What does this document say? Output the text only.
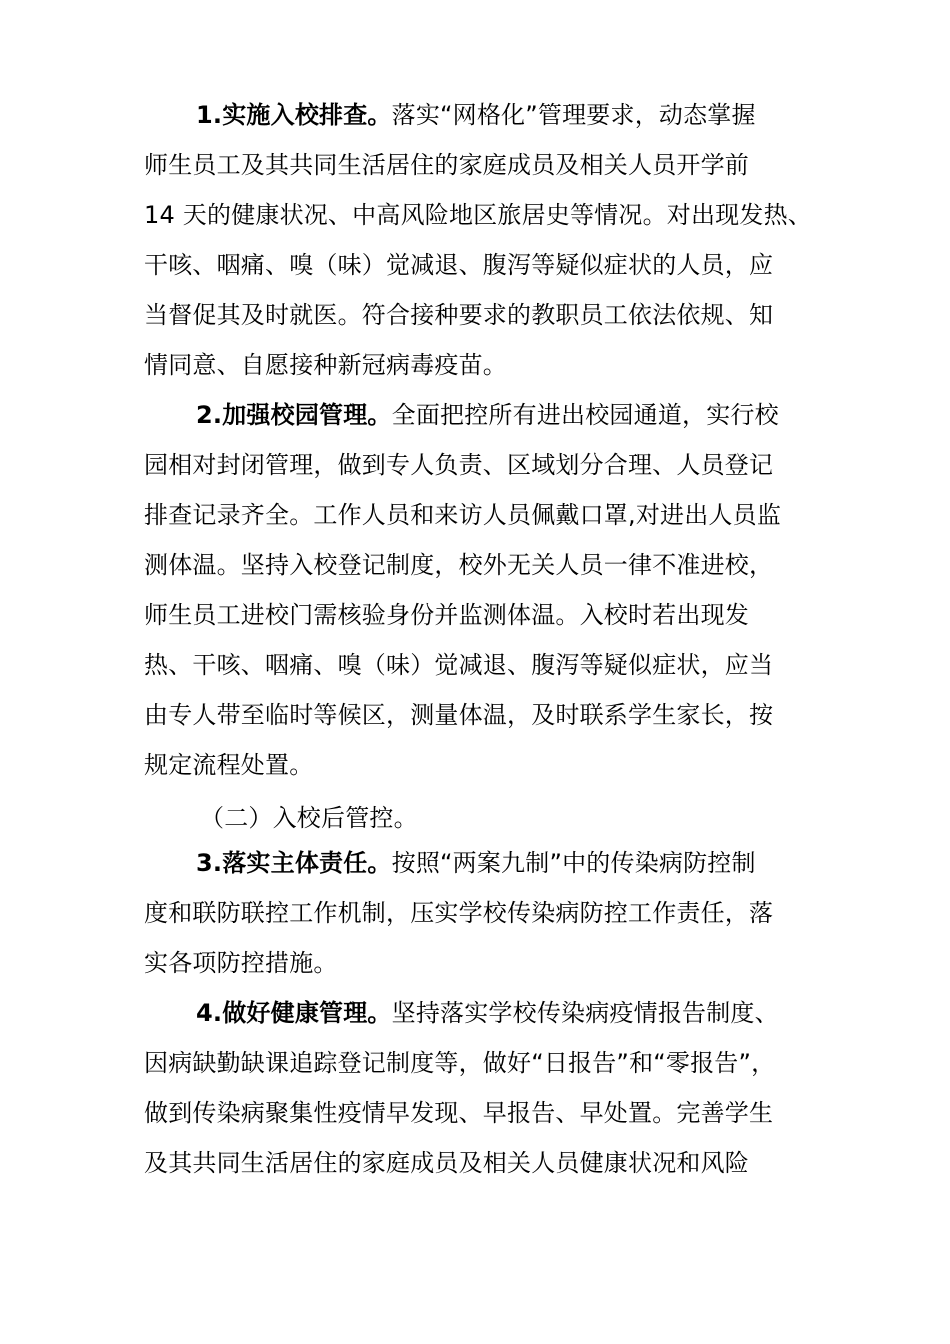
1.实施入校排查。落实“网格化”管理要求，动态掌握
师生员工及其共同生活居住的家庭成员及相关人员开学前
14 天的健康状况、中高风险地区旅居史等情况。对出现发热、
干咳、咽痛、嗅（味）觉减退、腹泻等疑似症状的人员，应
当督促其及时就医。符合接种要求的教职员工依法依规、知
情同意、自愿接种新冠病毒疫苗。
2.加强校园管理。全面把控所有进出校园通道，实行校
园相对封闭管理，做到专人负责、区域划分合理、人员登记
排查记录齐全。工作人员和来访人员佩戴口罩,对进出人员监
测体温。坚持入校登记制度，校外无关人员一律不准进校，
师生员工进校门需核验身份并监测体温。入校时若出现发
热、干咳、咽痛、嗅（味）觉减退、腹泻等疑似症状，应当
由专人带至临时等候区，测量体温，及时联系学生家长，按
规定流程处置。
（二）入校后管控。
3.落实主体责任。按照“两案九制”中的传染病防控制
度和联防联控工作机制，压实学校传染病防控工作责任，落
实各项防控措施。
4.做好健康管理。坚持落实学校传染病疫情报告制度、
因病缺勤缺课追踪登记制度等，做好“日报告”和“零报告”，
做到传染病聚集性疫情早发现、早报告、早处置。完善学生
及其共同生活居住的家庭成员及相关人员健康状况和风险
